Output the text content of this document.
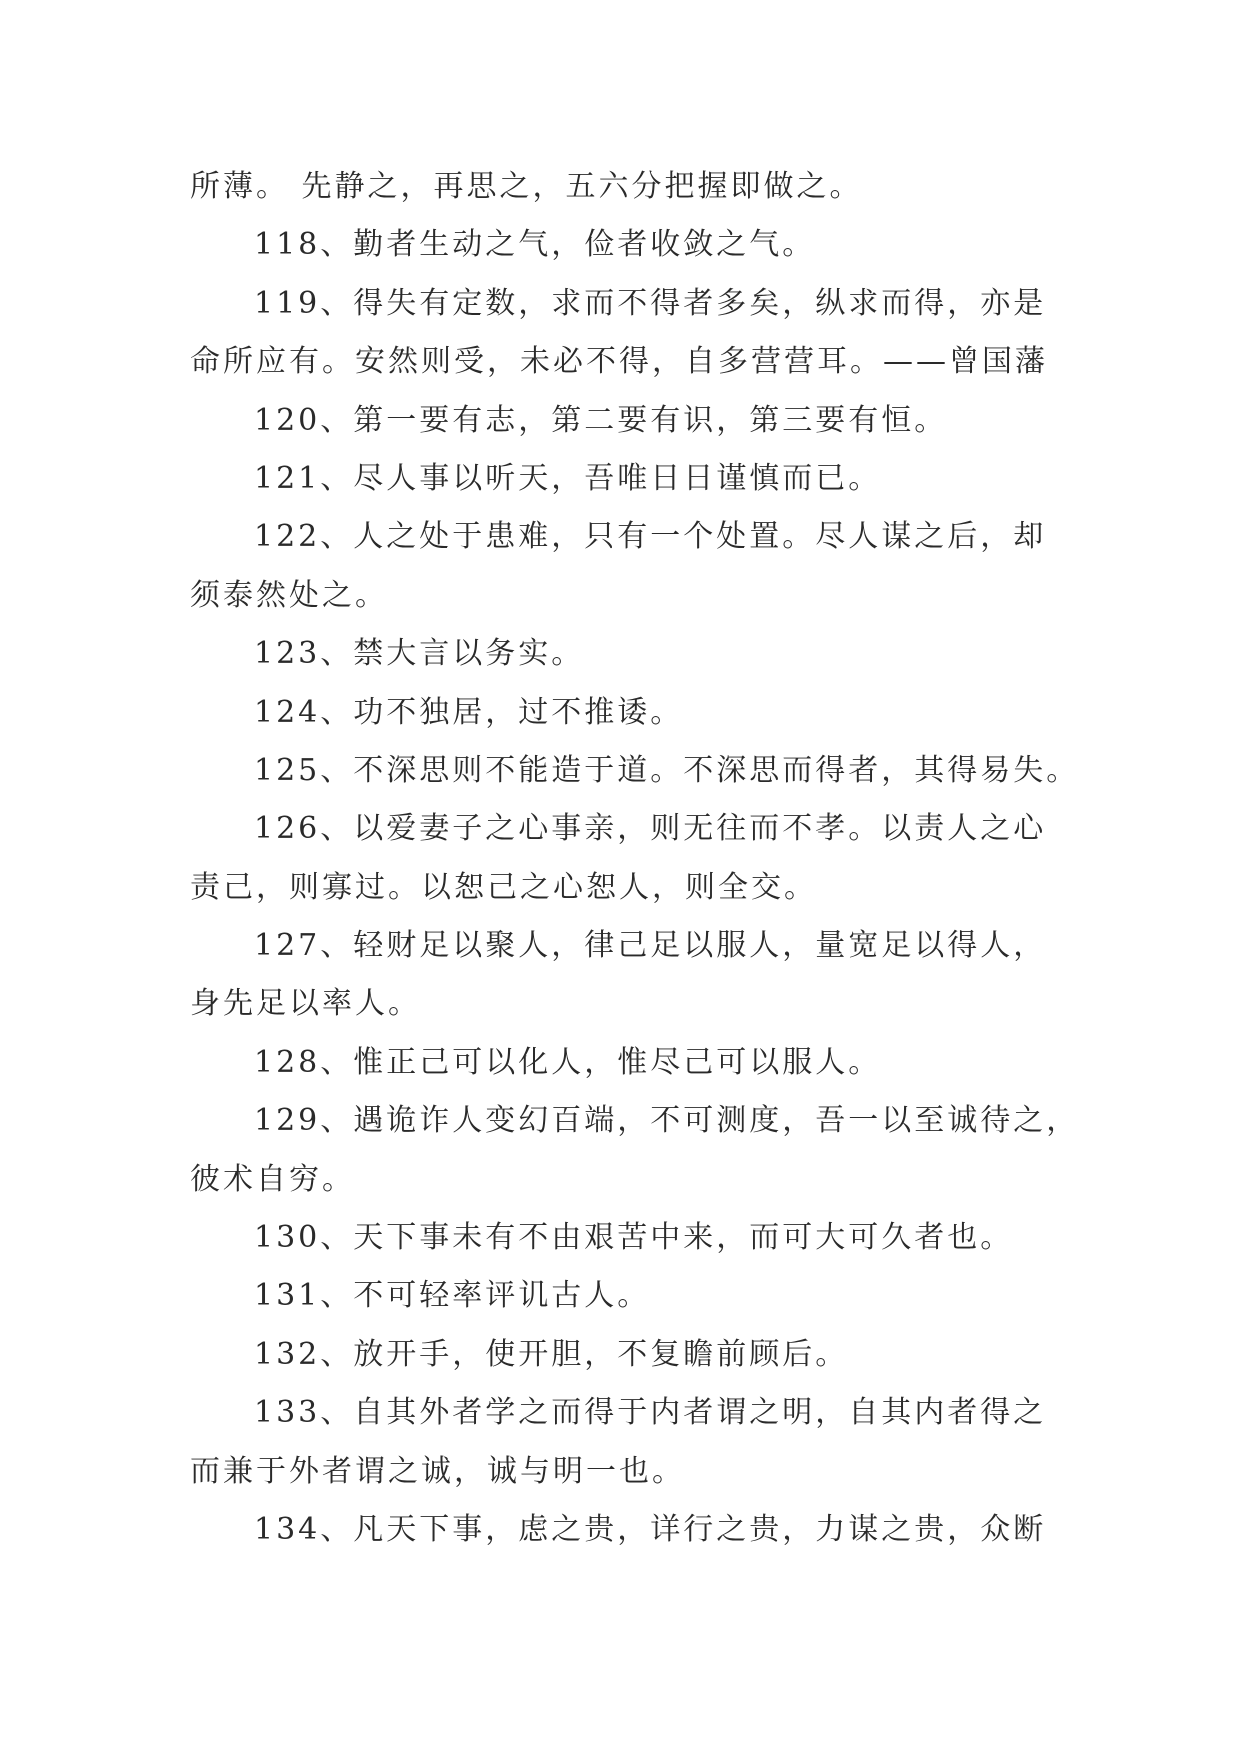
所薄。 先静之，再思之，五六分把握即做之。

118、勤者生动之气，俭者收敛之气。

119、得失有定数，求而不得者多矣，纵求而得，亦是

命所应有。安然则受，未必不得，自多营营耳。——曾国藩

120、第一要有志，第二要有识，第三要有恒。

121、尽人事以听天，吾唯日日谨慎而已。

122、人之处于患难，只有一个处置。尽人谋之后，却

须泰然处之。

123、禁大言以务实。

124、功不独居，过不推诿。

125、不深思则不能造于道。不深思而得者，其得易失。

126、以爱妻子之心事亲，则无往而不孝。以责人之心

责己，则寡过。以恕己之心恕人，则全交。

127、轻财足以聚人，律己足以服人，量宽足以得人，

身先足以率人。

128、惟正己可以化人，惟尽己可以服人。

129、遇诡诈人变幻百端，不可测度，吾一以至诚待之，

彼术自穷。

130、天下事未有不由艰苦中来，而可大可久者也。

131、不可轻率评讥古人。

132、放开手，使开胆，不复瞻前顾后。

133、自其外者学之而得于内者谓之明，自其内者得之

而兼于外者谓之诚，诚与明一也。

134、凡天下事，虑之贵，详行之贵，力谋之贵，众断
